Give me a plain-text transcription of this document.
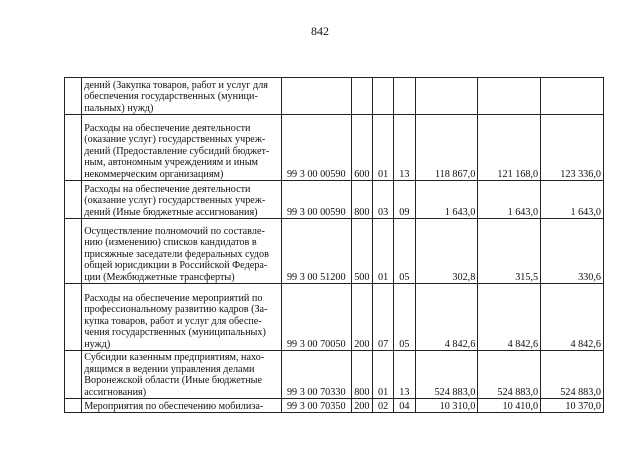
842
	дений (Закупка товаров, работ и услуг для
обеспечения государственных (муници-
пальных) нужд)							
	Расходы на обеспечение деятельности
(оказание услуг) государственных учреж-
дений (Предоставление субсидий бюджет-
ным, автономным учреждениям и иным
некоммерческим организациям)	99 3 00 00590	600	01	13	118 867,0	121 168,0	123 336,0
	Расходы на обеспечение деятельности
(оказание услуг) государственных учреж-
дений (Иные бюджетные ассигнования)	99 3 00 00590	800	03	09	1 643,0	1 643,0	1 643,0
	Осуществление полномочий по составле-
нию (изменению) списков кандидатов в
присяжные заседатели федеральных судов
общей юрисдикции в Российской Федера-
ции (Межбюджетные трансферты)	99 3 00 51200	500	01	05	302,8	315,5	330,6
	Расходы на обеспечение мероприятий по
профессиональному развитию кадров (За-
купка товаров, работ и услуг для обеспе-
чения государственных (муниципальных)
нужд)	99 3 00 70050	200	07	05	4 842,6	4 842,6	4 842,6
	Субсидии казенным предприятиям, нахо-
дящимся в ведении управления делами
Воронежской области (Иные бюджетные
ассигнования)	99 3 00 70330	800	01	13	524 883,0	524 883,0	524 883,0
	Мероприятия по обеспечению мобилиза-	99 3 00 70350	200	02	04	10 310,0	10 410,0	10 370,0
